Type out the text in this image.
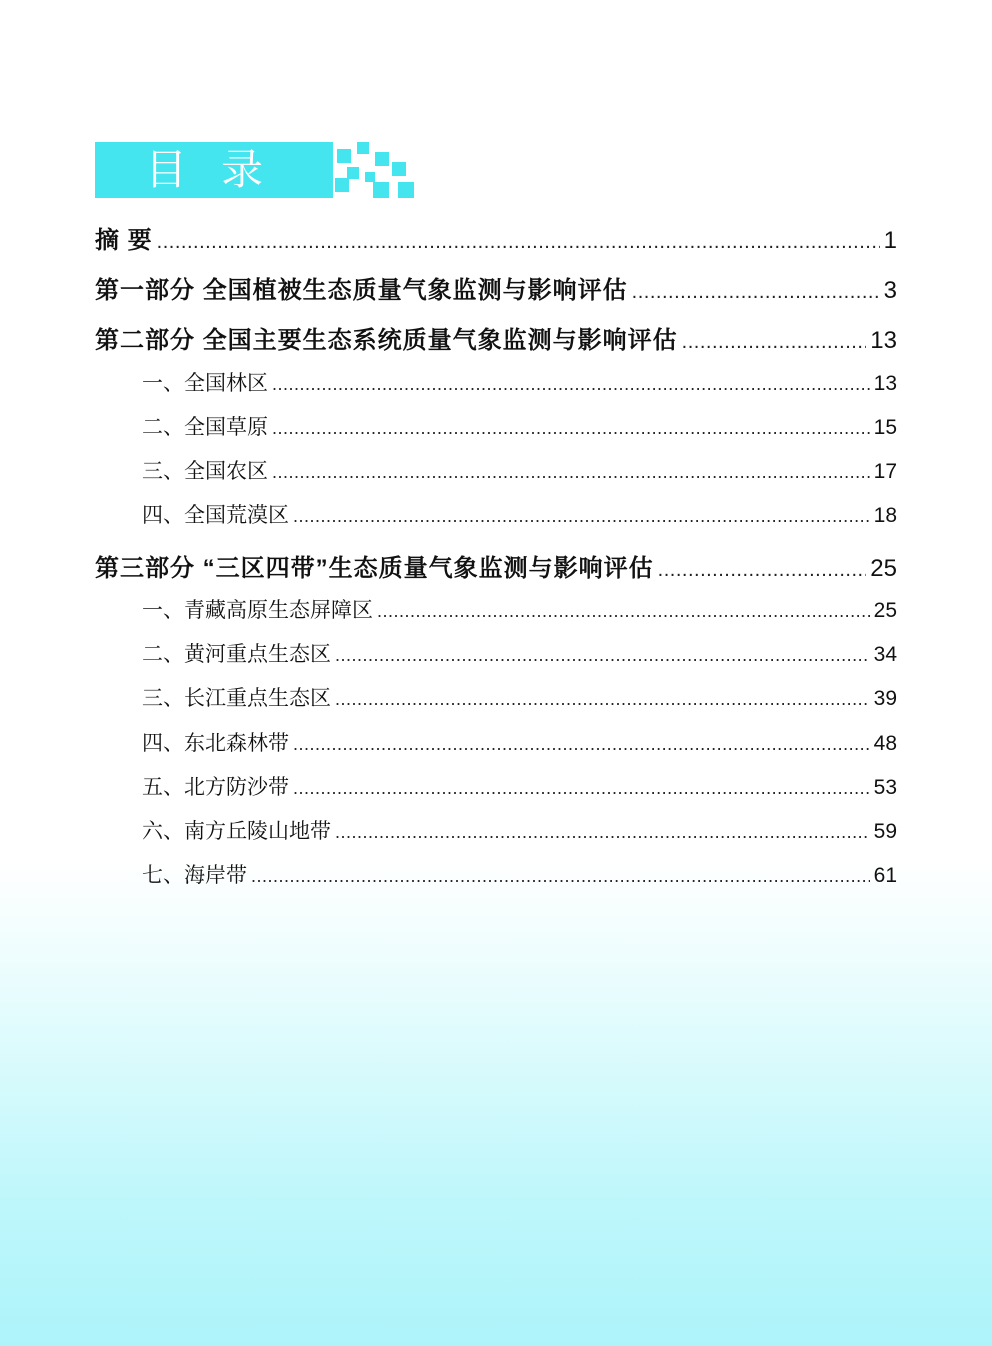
目录
摘 要 .....	1
第一部分 全国植被生态质量气象监测与影响评估 .....	3
第二部分 全国主要生态系统质量气象监测与影响评估 .....	13
一、全国林区 .....	13
二、全国草原 .....	15
三、全国农区 .....	17
四、全国荒漠区 .....	18
第三部分 “三区四带”生态质量气象监测与影响评估 .....	25
一、青藏高原生态屏障区 .....	25
二、黄河重点生态区 .....	34
三、长江重点生态区 .....	39
四、东北森林带 .....	48
五、北方防沙带 .....	53
六、南方丘陵山地带 .....	59
七、海岸带 .....	61
